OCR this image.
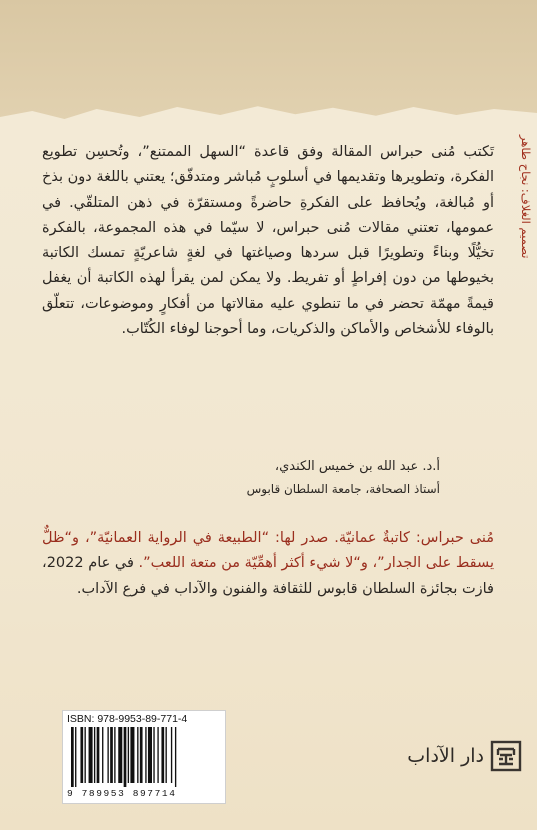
تَكتب مُنى حبراس المقالة وفق قاعدة “السهل الممتنع”، وتُحسِن تطويع الفكرة، وتطويرها وتقديمها في أسلوبٍ مُباشر ومتدفّق؛ يعتني باللغة دون بذخ أو مُبالغة، ويُحافظ على الفكرةِ حاضرةً ومستقرّة في ذهن المتلقّي. في عمومها، تعتني مقالات مُنى حبراس، لا سيّما في هذه المجموعة، بالفكرة تخيُّلًا وبناءً وتطويرًا قبل سردها وصياغتها في لغةٍ شاعريّةٍ تمسك الكاتبة بخيوطها من دون إفراطٍ أو تفريط. ولا يمكن لمن يقرأ لهذه الكاتبة أن يغفل قيمةً مهمّة تحضر في ما تنطوي عليه مقالاتها من أفكارٍ وموضوعات، تتعلّق بالوفاء للأشخاص والأماكن والذكريات، وما أحوجنا لوفاء الكُتّاب.

أ.د. عبد الله بن خميس الكندي،
أستاذ الصحافة، جامعة السلطان قابوس

مُنى حبراس: كاتبةٌ عمانيّة. صدر لها: “الطبيعة في الرواية العمانيّة”، و“ظلٌّ يسقط على الجدار”، و“لا شيء أكثر أهمِّيّة من متعة اللعب”. في عام 2022، فازت بجائزة السلطان قابوس للثقافة والفنون والآداب في فرع الآداب.

تصميم الغلاف: نجاح طاهر
ISBN: 978-9953-89-771-4
9 789953 897714
دار الآداب
